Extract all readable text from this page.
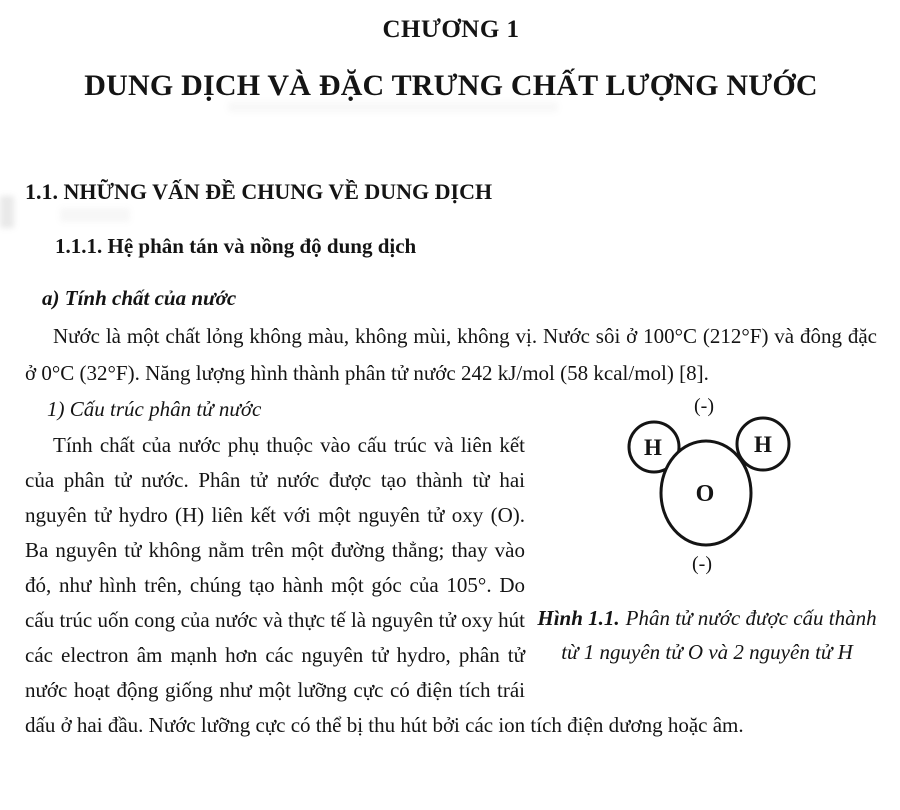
CHƯƠNG 1
DUNG DỊCH VÀ ĐẶC TRƯNG CHẤT LƯỢNG NƯỚC
1.1. NHỮNG VẤN ĐỀ CHUNG VỀ DUNG DỊCH
1.1.1. Hệ phân tán và nồng độ dung dịch
a) Tính chất của nước

Nước là một chất lỏng không màu, không mùi, không vị. Nước sôi ở 100°C (212°F) và đông đặc ở 0°C (32°F). Năng lượng hình thành phân tử nước 242 kJ/mol (58 kcal/mol) [8].

(-)
H	H
O
(-)
Hình 1.1. Phân tử nước được cấu thành từ 1 nguyên tử O và 2 nguyên tử H

1) Cấu trúc phân tử nước

Tính chất của nước phụ thuộc vào cấu trúc và liên kết của phân tử nước. Phân tử nước được tạo thành từ hai nguyên tử hydro (H) liên kết với một nguyên tử oxy (O). Ba nguyên tử không nằm trên một đường thẳng; thay vào đó, như hình trên, chúng tạo hành một góc của 105°. Do cấu trúc uốn cong của nước và thực tế là nguyên tử oxy hút các electron âm mạnh hơn các nguyên tử hydro, phân tử nước hoạt động giống như một lưỡng cực có điện tích trái dấu ở hai đầu. Nước lưỡng cực có thể bị thu hút bởi các ion tích điện dương hoặc âm.
